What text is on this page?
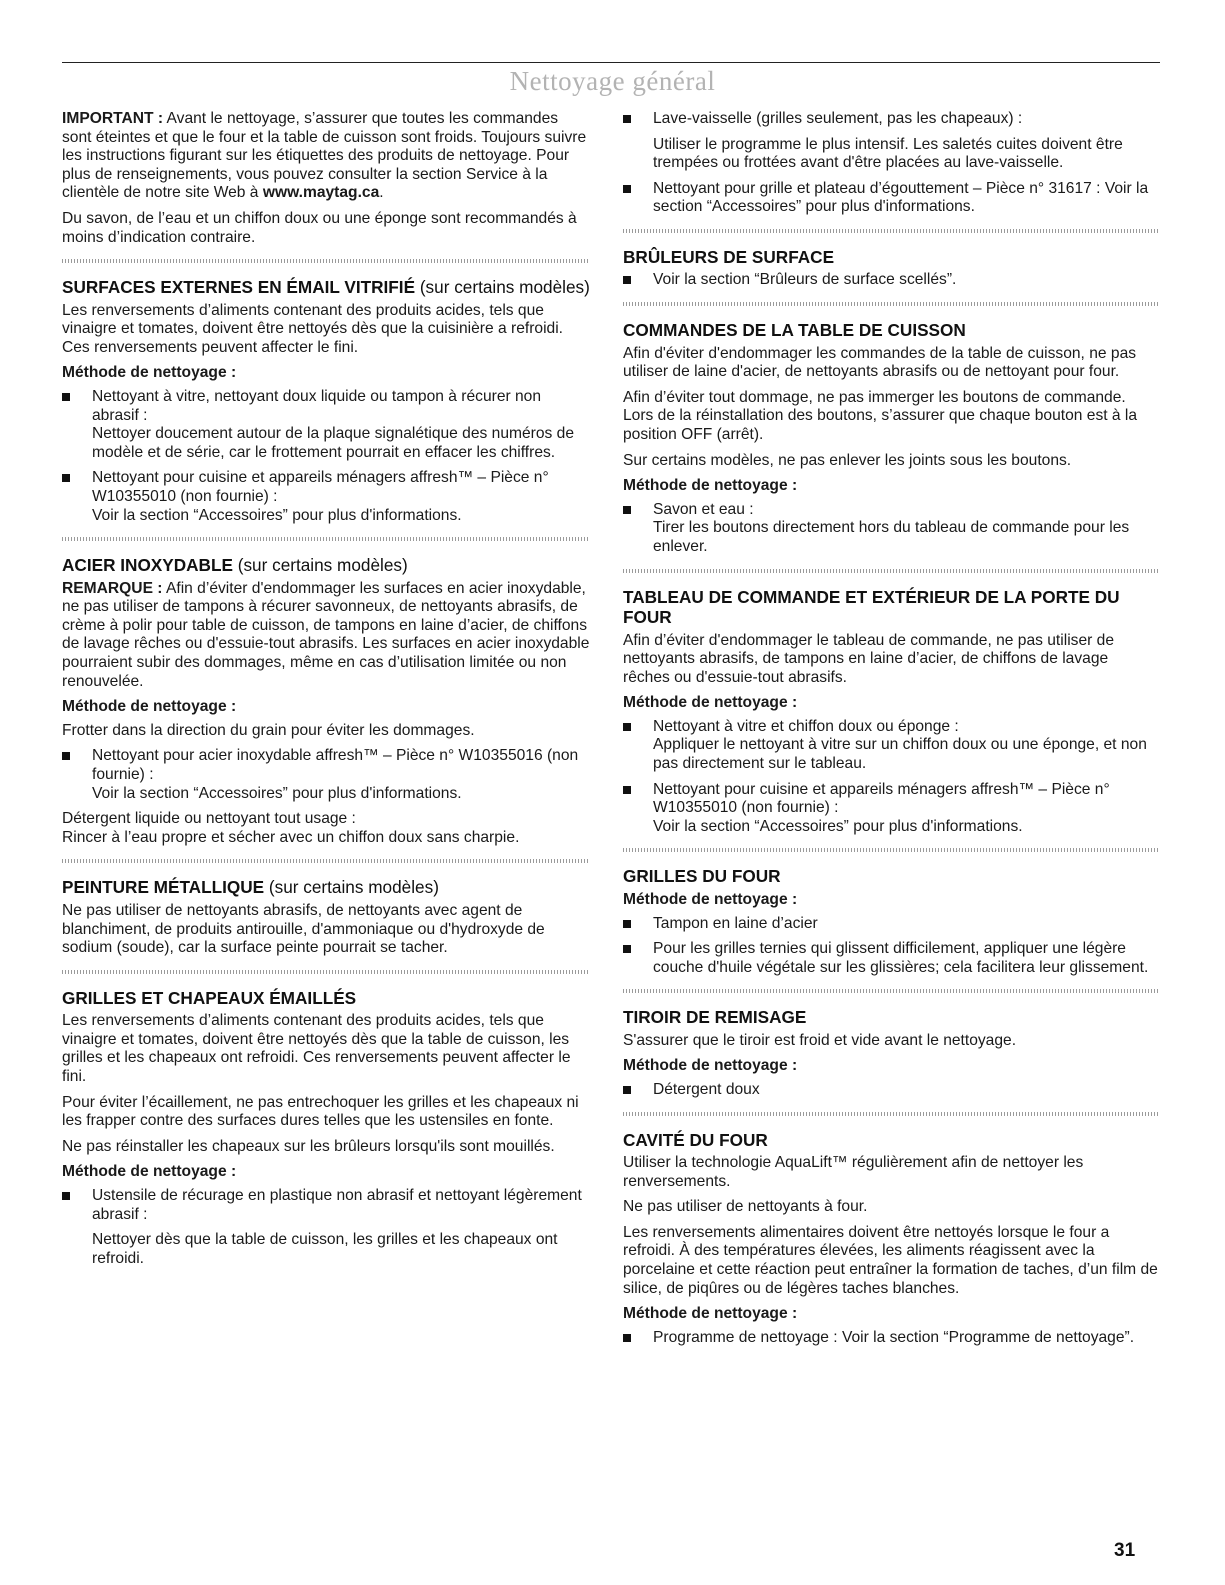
Nettoyage général

IMPORTANT : Avant le nettoyage, s’assurer que toutes les commandes sont éteintes et que le four et la table de cuisson sont froids. Toujours suivre les instructions figurant sur les étiquettes des produits de nettoyage. Pour plus de renseignements, vous pouvez consulter la section Service à la clientèle de notre site Web à www.maytag.ca.

Du savon, de l’eau et un chiffon doux ou une éponge sont recommandés à moins d’indication contraire.

SURFACES EXTERNES EN ÉMAIL VITRIFIÉ (sur certains modèles)

Les renversements d’aliments contenant des produits acides, tels que vinaigre et tomates, doivent être nettoyés dès que la cuisinière a refroidi. Ces renversements peuvent affecter le fini.

Méthode de nettoyage :
Nettoyant à vitre, nettoyant doux liquide ou tampon à récurer non abrasif :
Nettoyer doucement autour de la plaque signalétique des numéros de modèle et de série, car le frottement pourrait en effacer les chiffres.
Nettoyant pour cuisine et appareils ménagers affresh™ – Pièce n° W10355010 (non fournie) :
Voir la section “Accessoires” pour plus d'informations.
ACIER INOXYDABLE (sur certains modèles)

REMARQUE : Afin d’éviter d'endommager les surfaces en acier inoxydable, ne pas utiliser de tampons à récurer savonneux, de nettoyants abrasifs, de crème à polir pour table de cuisson, de tampons en laine d’acier, de chiffons de lavage rêches ou d'essuie-tout abrasifs. Les surfaces en acier inoxydable pourraient subir des dommages, même en cas d’utilisation limitée ou non renouvelée.

Méthode de nettoyage :

Frotter dans la direction du grain pour éviter les dommages.

Nettoyant pour acier inoxydable affresh™ – Pièce n° W10355016 (non fournie) :
Voir la section “Accessoires” pour plus d'informations.

Détergent liquide ou nettoyant tout usage :
Rincer à l’eau propre et sécher avec un chiffon doux sans charpie.

PEINTURE MÉTALLIQUE (sur certains modèles)

Ne pas utiliser de nettoyants abrasifs, de nettoyants avec agent de blanchiment, de produits antirouille, d'ammoniaque ou d'hydroxyde de sodium (soude), car la surface peinte pourrait se tacher.

GRILLES ET CHAPEAUX ÉMAILLÉS

Les renversements d’aliments contenant des produits acides, tels que vinaigre et tomates, doivent être nettoyés dès que la table de cuisson, les grilles et les chapeaux ont refroidi. Ces renversements peuvent affecter le fini.

Pour éviter l’écaillement, ne pas entrechoquer les grilles et les chapeaux ni les frapper contre des surfaces dures telles que les ustensiles en fonte.

Ne pas réinstaller les chapeaux sur les brûleurs lorsqu'ils sont mouillés.

Méthode de nettoyage :
Ustensile de récurage en plastique non abrasif et nettoyant légèrement abrasif :
Nettoyer dès que la table de cuisson, les grilles et les chapeaux ont refroidi.
Lave-vaisselle (grilles seulement, pas les chapeaux) :
Utiliser le programme le plus intensif. Les saletés cuites doivent être trempées ou frottées avant d'être placées au lave-vaisselle.
Nettoyant pour grille et plateau d’égouttement – Pièce n° 31617 : Voir la section “Accessoires” pour plus d'informations.
BRÛLEURS DE SURFACE
Voir la section “Brûleurs de surface scellés”.
COMMANDES DE LA TABLE DE CUISSON

Afin d'éviter d'endommager les commandes de la table de cuisson, ne pas utiliser de laine d'acier, de nettoyants abrasifs ou de nettoyant pour four.

Afin d’éviter tout dommage, ne pas immerger les boutons de commande. Lors de la réinstallation des boutons, s’assurer que chaque bouton est à la position OFF (arrêt).

Sur certains modèles, ne pas enlever les joints sous les boutons.

Méthode de nettoyage :
Savon et eau :
Tirer les boutons directement hors du tableau de commande pour les enlever.
TABLEAU DE COMMANDE ET EXTÉRIEUR DE LA PORTE DU FOUR

Afin d’éviter d'endommager le tableau de commande, ne pas utiliser de nettoyants abrasifs, de tampons en laine d’acier, de chiffons de lavage rêches ou d'essuie-tout abrasifs.

Méthode de nettoyage :
Nettoyant à vitre et chiffon doux ou éponge :
Appliquer le nettoyant à vitre sur un chiffon doux ou une éponge, et non pas directement sur le tableau.
Nettoyant pour cuisine et appareils ménagers affresh™ – Pièce n° W10355010 (non fournie) :
Voir la section “Accessoires” pour plus d'informations.
GRILLES DU FOUR
Méthode de nettoyage :
Tampon en laine d’acier
Pour les grilles ternies qui glissent difficilement, appliquer une légère couche d'huile végétale sur les glissières; cela facilitera leur glissement.
TIROIR DE REMISAGE

S'assurer que le tiroir est froid et vide avant le nettoyage.

Méthode de nettoyage :
Détergent doux
CAVITÉ DU FOUR

Utiliser la technologie AquaLift™ régulièrement afin de nettoyer les renversements.

Ne pas utiliser de nettoyants à four.

Les renversements alimentaires doivent être nettoyés lorsque le four a refroidi. À des températures élevées, les aliments réagissent avec la porcelaine et cette réaction peut entraîner la formation de taches, d’un film de silice, de piqûres ou de légères taches blanches.

Méthode de nettoyage :
Programme de nettoyage : Voir la section “Programme de nettoyage”.
31
